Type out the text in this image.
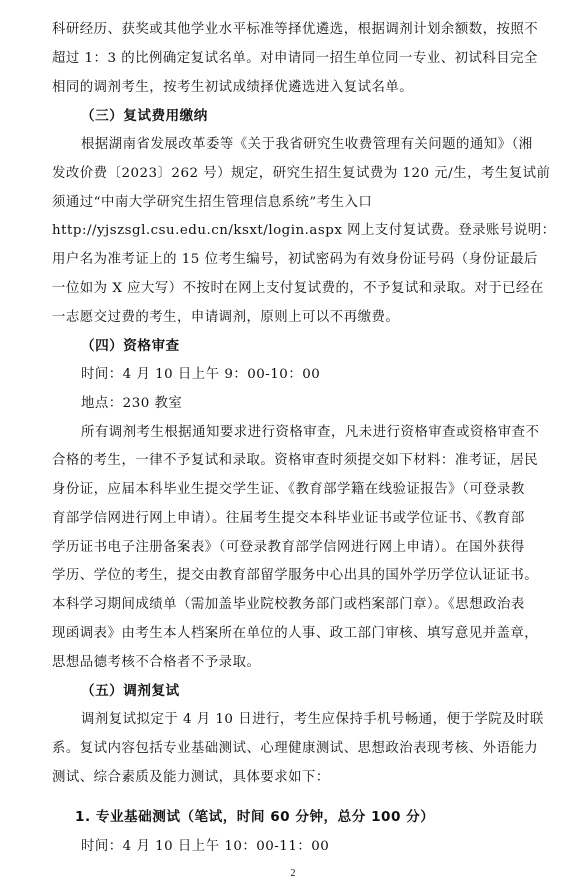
科研经历、获奖或其他学业水平标准等择优遴选，根据调剂计划余额数，按照不
超过 1：3 的比例确定复试名单。对申请同一招生单位同一专业、初试科目完全
相同的调剂考生，按考生初试成绩择优遴选进入复试名单。
（三）复试费用缴纳
根据湖南省发展改革委等《关于我省研究生收费管理有关问题的通知》（湘
发改价费〔2023〕262 号）规定，研究生招生复试费为 120 元/生，考生复试前
须通过“中南大学研究生招生管理信息系统”考生入口
http://yjszsgl.csu.edu.cn/ksxt/login.aspx 网上支付复试费。登录账号说明：
用户名为准考证上的 15 位考生编号，初试密码为有效身份证号码（身份证最后
一位如为 X 应大写）不按时在网上支付复试费的，不予复试和录取。对于已经在
一志愿交过费的考生，申请调剂，原则上可以不再缴费。
（四）资格审查
时间：4 月 10 日上午 9：00-10：00
地点：230 教室
所有调剂考生根据通知要求进行资格审查，凡未进行资格审查或资格审查不
合格的考生，一律不予复试和录取。资格审查时须提交如下材料：准考证，居民
身份证，应届本科毕业生提交学生证、《教育部学籍在线验证报告》（可登录教
育部学信网进行网上申请）。往届考生提交本科毕业证书或学位证书、《教育部
学历证书电子注册备案表》（可登录教育部学信网进行网上申请）。在国外获得
学历、学位的考生，提交由教育部留学服务中心出具的国外学历学位认证证书。
本科学习期间成绩单（需加盖毕业院校教务部门或档案部门章）。《思想政治表
现函调表》由考生本人档案所在单位的人事、政工部门审核、填写意见并盖章，
思想品德考核不合格者不予录取。
（五）调剂复试
调剂复试拟定于 4 月 10 日进行，考生应保持手机号畅通，便于学院及时联
系。复试内容包括专业基础测试、心理健康测试、思想政治表现考核、外语能力
测试、综合素质及能力测试，具体要求如下：
1. 专业基础测试（笔试，时间 60 分钟，总分 100 分）
时间：4 月 10 日上午 10：00-11：00
2
